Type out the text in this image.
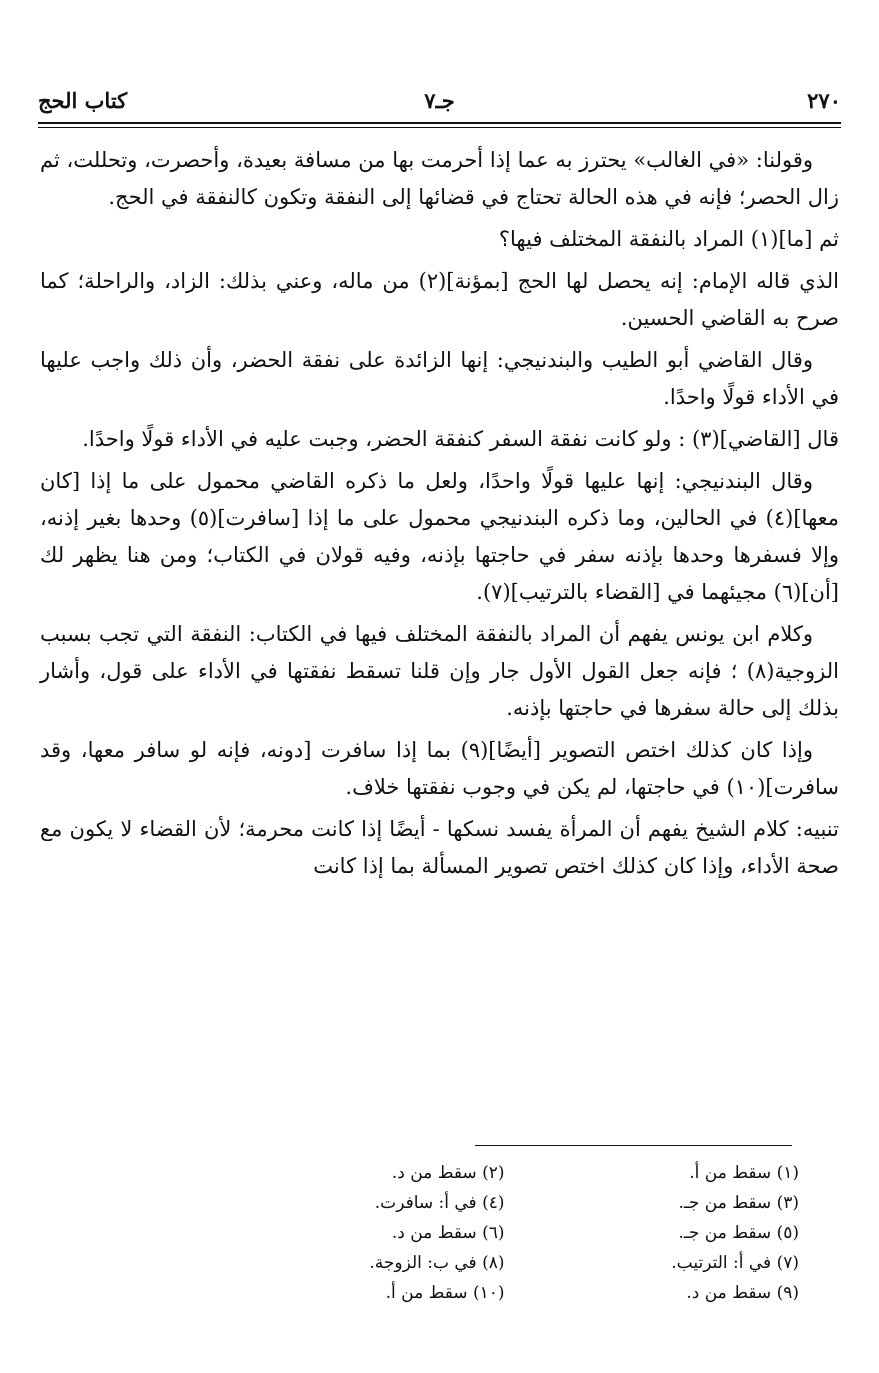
٢٧٠
جـ٧
كتاب الحج

وقولنا: «في الغالب» يحترز به عما إذا أحرمت بها من مسافة بعيدة، وأحصرت، وتحللت، ثم زال الحصر؛ فإنه في هذه الحالة تحتاج في قضائها إلى النفقة وتكون كالنفقة في الحج.

ثم [ما](١) المراد بالنفقة المختلف فيها؟

الذي قاله الإمام: إنه يحصل لها الحج [بمؤنة](٢) من ماله، وعني بذلك: الزاد، والراحلة؛ كما صرح به القاضي الحسين.

وقال القاضي أبو الطيب والبندنيجي: إنها الزائدة على نفقة الحضر، وأن ذلك واجب عليها في الأداء قولًا واحدًا.

قال [القاضي](٣) : ولو كانت نفقة السفر كنفقة الحضر، وجبت عليه في الأداء قولًا واحدًا.

وقال البندنيجي: إنها عليها قولًا واحدًا، ولعل ما ذكره القاضي محمول على ما إذا [كان معها](٤) في الحالين، وما ذكره البندنيجي محمول على ما إذا [سافرت](٥) وحدها بغير إذنه، وإلا فسفرها وحدها بإذنه سفر في حاجتها بإذنه، وفيه قولان في الكتاب؛ ومن هنا يظهر لك [أن](٦) مجيئهما في [القضاء بالترتيب](٧).

وكلام ابن يونس يفهم أن المراد بالنفقة المختلف فيها في الكتاب: النفقة التي تجب بسبب الزوجية(٨) ؛ فإنه جعل القول الأول جار وإن قلنا تسقط نفقتها في الأداء على قول، وأشار بذلك إلى حالة سفرها في حاجتها بإذنه.

وإذا كان كذلك اختص التصوير [أيضًا](٩) بما إذا سافرت [دونه، فإنه لو سافر معها، وقد سافرت](١٠) في حاجتها، لم يكن في وجوب نفقتها خلاف.

تنبيه: كلام الشيخ يفهم أن المرأة يفسد نسكها - أيضًا إذا كانت محرمة؛ لأن القضاء لا يكون مع صحة الأداء، وإذا كان كذلك اختص تصوير المسألة بما إذا كانت

(١) سقط من أ.
(٢) سقط من د.
(٣) سقط من جـ.
(٤) في أ: سافرت.
(٥) سقط من جـ.
(٦) سقط من د.
(٧) في أ: الترتيب.
(٨) في ب: الزوجة.
(٩) سقط من د.
(١٠) سقط من أ.
